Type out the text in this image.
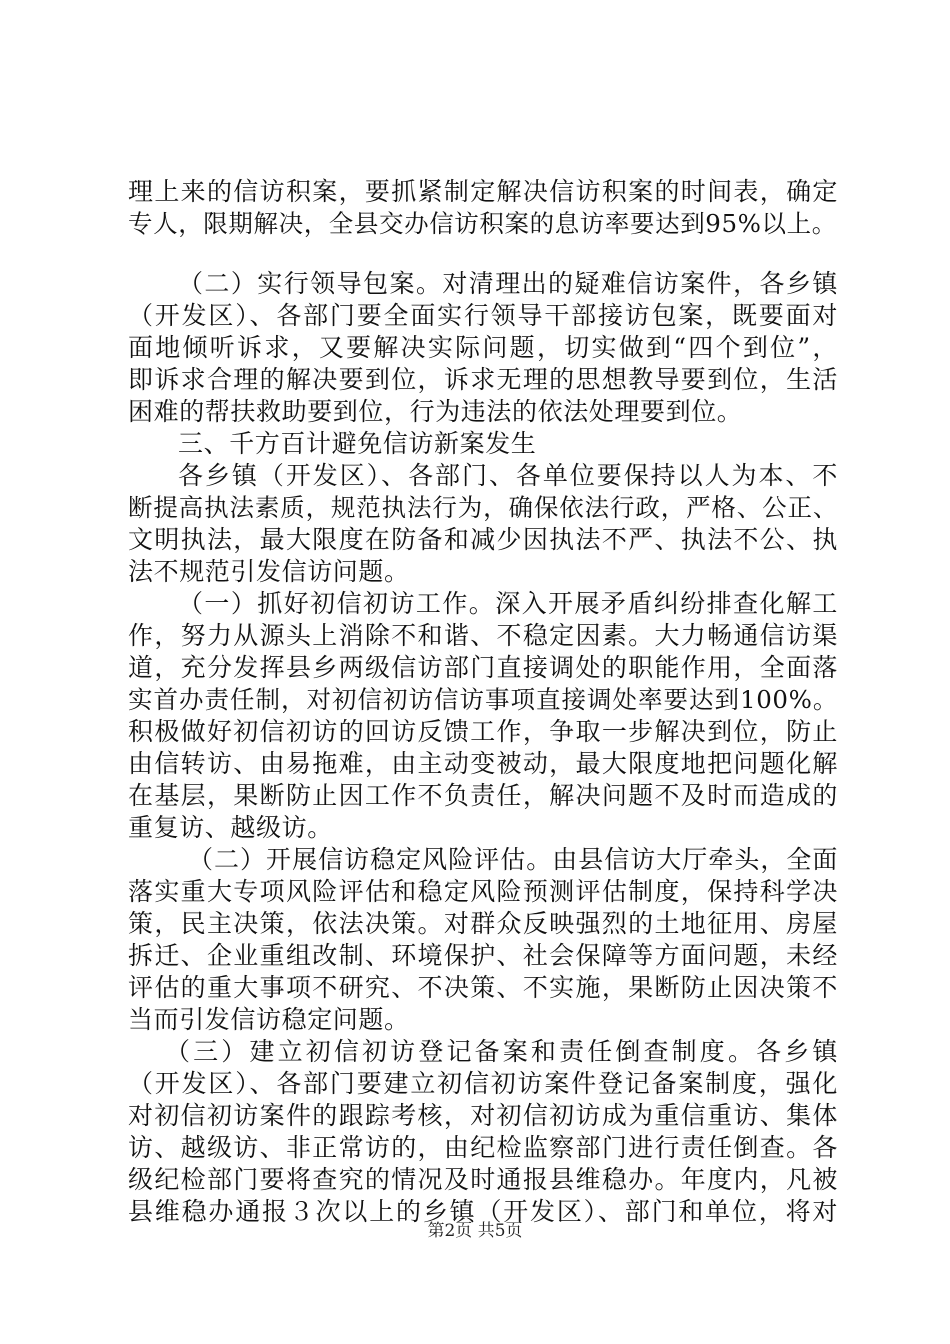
理上来的信访积案，要抓紧制定解决信访积案的时间表，确定
专人，限期解决，全县交办信访积案的息访率要达到95%以上。
（二）实行领导包案。对清理出的疑难信访案件，各乡镇
（开发区）、各部门要全面实行领导干部接访包案，既要面对
面地倾听诉求，又要解决实际问题，切实做到“四个到位”，
即诉求合理的解决要到位，诉求无理的思想教导要到位，生活
困难的帮扶救助要到位，行为违法的依法处理要到位。
三、千方百计避免信访新案发生
各乡镇（开发区）、各部门、各单位要保持以人为本、不
断提高执法素质，规范执法行为，确保依法行政，严格、公正、
文明执法，最大限度在防备和减少因执法不严、执法不公、执
法不规范引发信访问题。
（一）抓好初信初访工作。深入开展矛盾纠纷排查化解工
作，努力从源头上消除不和谐、不稳定因素。大力畅通信访渠
道，充分发挥县乡两级信访部门直接调处的职能作用，全面落
实首办责任制，对初信初访信访事项直接调处率要达到100%。
积极做好初信初访的回访反馈工作，争取一步解决到位，防止
由信转访、由易拖难，由主动变被动，最大限度地把问题化解
在基层，果断防止因工作不负责任，解决问题不及时而造成的
重复访、越级访。
（二）开展信访稳定风险评估。由县信访大厅牵头，全面
落实重大专项风险评估和稳定风险预测评估制度，保持科学决
策，民主决策，依法决策。对群众反映强烈的土地征用、房屋
拆迁、企业重组改制、环境保护、社会保障等方面问题，未经
评估的重大事项不研究、不决策、不实施，果断防止因决策不
当而引发信访稳定问题。
（三）建立初信初访登记备案和责任倒查制度。各乡镇
（开发区）、各部门要建立初信初访案件登记备案制度，强化
对初信初访案件的跟踪考核，对初信初访成为重信重访、集体
访、越级访、非正常访的，由纪检监察部门进行责任倒查。各
级纪检部门要将查究的情况及时通报县维稳办。年度内，凡被
县维稳办通报３次以上的乡镇（开发区）、部门和单位，将对
第2页 共5页
